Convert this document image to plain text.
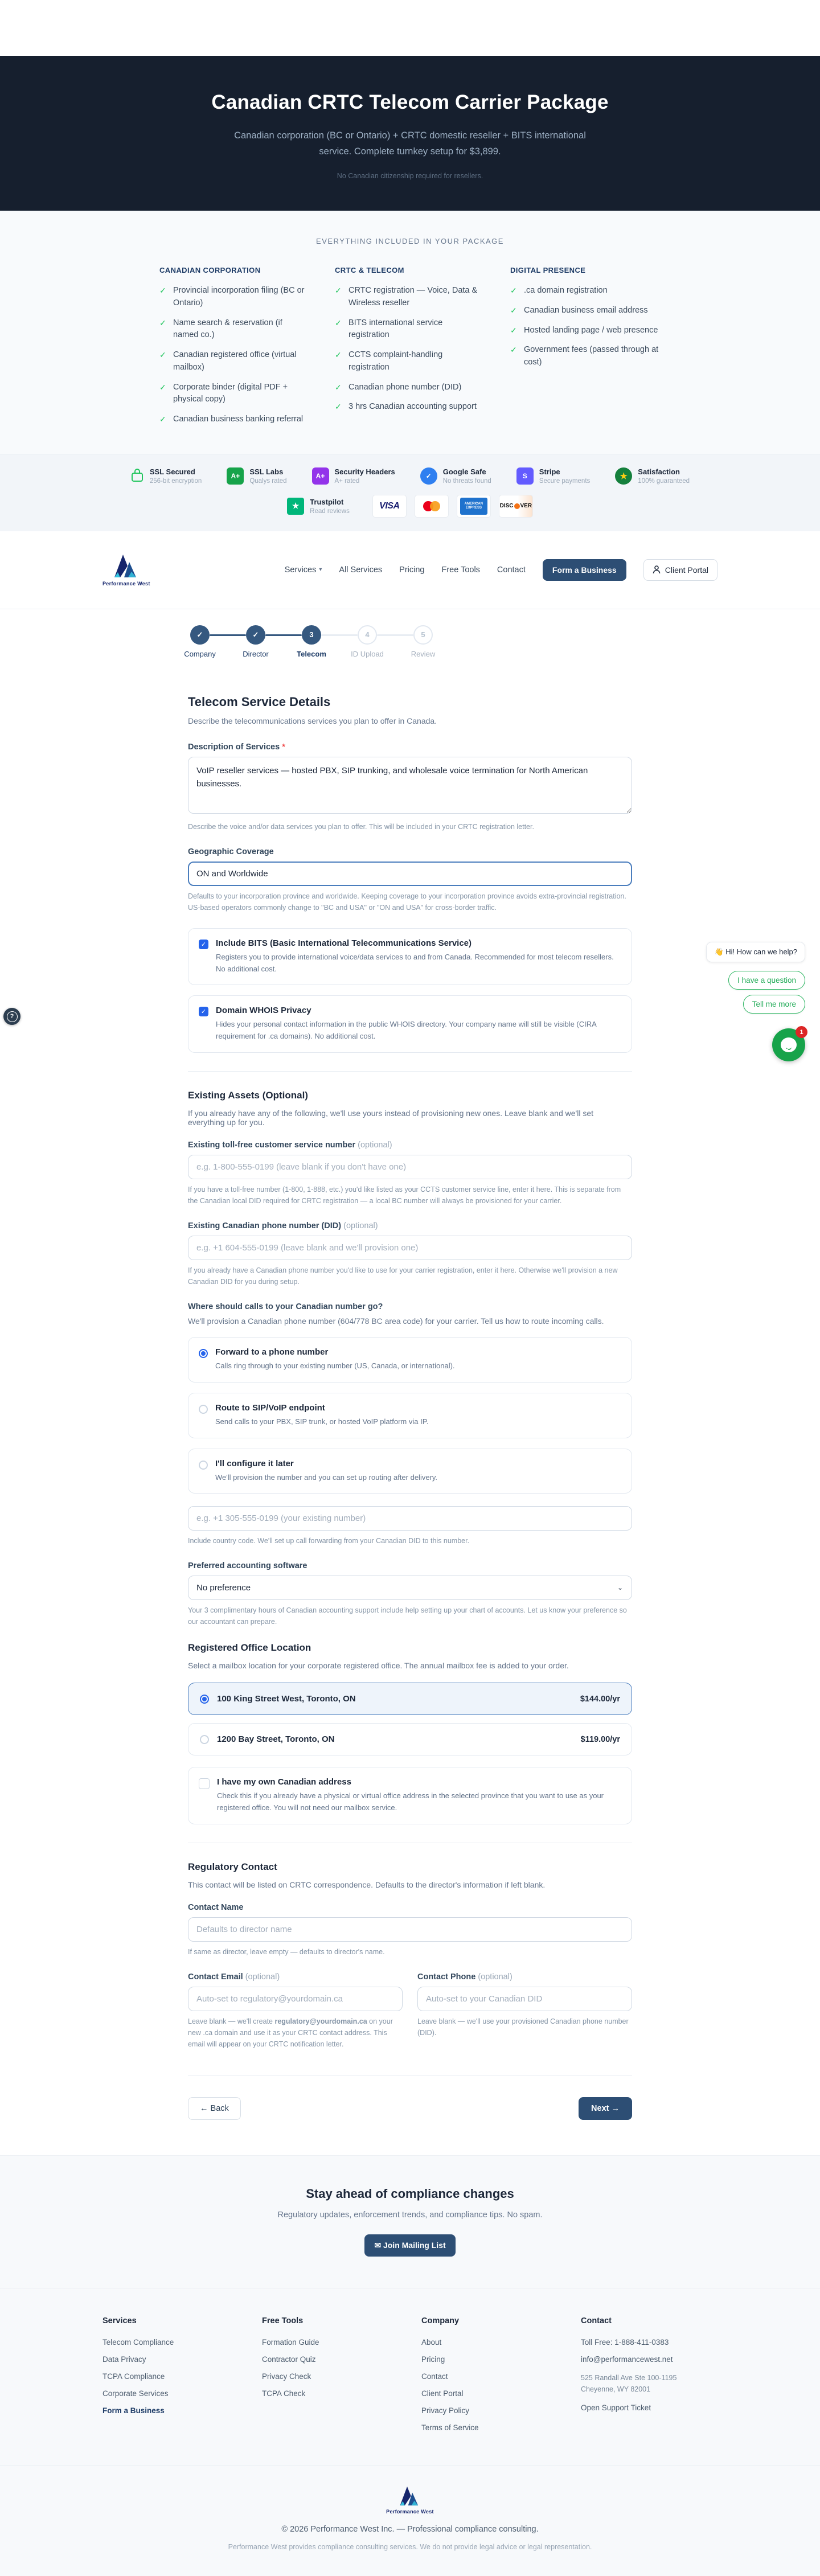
Canadian CRTC Telecom Carrier Package
Canadian corporation (BC or Ontario) + CRTC domestic reseller + BITS international service. Complete turnkey setup for $3,899.
No Canadian citizenship required for resellers.
EVERYTHING INCLUDED IN YOUR PACKAGE
CANADIAN CORPORATION
✓ Provincial incorporation filing (BC or Ontario)
✓ Name search & reservation (if named co.)
✓ Canadian registered office (virtual mailbox)
✓ Corporate binder (digital PDF + physical copy)
✓ Canadian business banking referral
CRTC & TELECOM
✓ CRTC registration — Voice, Data & Wireless reseller
✓ BITS international service registration
✓ CCTS complaint-handling registration
✓ Canadian phone number (DID)
✓ 3 hrs Canadian accounting support
DIGITAL PRESENCE
✓ .ca domain registration
✓ Canadian business email address
✓ Hosted landing page / web presence
✓ Government fees (passed through at cost)
SSL Secured
256-bit encryption
A+	SSL Labs
Qualys rated
A+	Security Headers
A+ rated
✓	Google Safe
No threats found
S	Stripe
Secure payments	★	Satisfaction
100% guaranteed
★	Trustpilot
Read reviews
VISA	AMERICAN EXPRESS	DISC VER
Performance West
Services ▾ All Services Pricing Free Tools Contact	Form a Business	Client Portal
✓
Company
✓
Director
3
Telecom
4
ID Upload
5
Review
Telecom Service Details
Describe the telecommunications services you plan to offer in Canada.
Description of Services *
VoIP reseller services — hosted PBX, SIP trunking, and wholesale voice termination for North American businesses.
Describe the voice and/or data services you plan to offer. This will be included in your CRTC registration letter.
Geographic Coverage
ON and Worldwide
Defaults to your incorporation province and worldwide. Keeping coverage to your incorporation province avoids extra-provincial registration. US-based operators commonly change to "BC and USA" or "ON and USA" for cross-border traffic.
✓ Include BITS (Basic International Telecommunications Service)
Registers you to provide international voice/data services to and from Canada. Recommended for most telecom resellers. No additional cost.
✓ Domain WHOIS Privacy
Hides your personal contact information in the public WHOIS directory. Your company name will still be visible (CIRA requirement for .ca domains). No additional cost.
Existing Assets (Optional)
If you already have any of the following, we'll use yours instead of provisioning new ones. Leave blank and we'll set everything up for you.
Existing toll-free customer service number (optional)
e.g. 1-800-555-0199 (leave blank if you don't have one)
If you have a toll-free number (1-800, 1-888, etc.) you'd like listed as your CCTS customer service line, enter it here. This is separate from the Canadian local DID required for CRTC registration — a local BC number will always be provisioned for your carrier.
Existing Canadian phone number (DID) (optional)
e.g. +1 604-555-0199 (leave blank and we'll provision one)
If you already have a Canadian phone number you'd like to use for your carrier registration, enter it here. Otherwise we'll provision a new Canadian DID for you during setup.
Where should calls to your Canadian number go?
We'll provision a Canadian phone number (604/778 BC area code) for your carrier. Tell us how to route incoming calls.
Forward to a phone number
Calls ring through to your existing number (US, Canada, or international).
Route to SIP/VoIP endpoint
Send calls to your PBX, SIP trunk, or hosted VoIP platform via IP.
I'll configure it later
We'll provision the number and you can set up routing after delivery.
e.g. +1 305-555-0199 (your existing number)
Include country code. We'll set up call forwarding from your Canadian DID to this number.
Preferred accounting software
No preference
⌄
Your 3 complimentary hours of Canadian accounting support include help setting up your chart of accounts. Let us know your preference so our accountant can prepare.
Registered Office Location
Select a mailbox location for your corporate registered office. The annual mailbox fee is added to your order.
100 King Street West, Toronto, ON	$144.00/yr
1200 Bay Street, Toronto, ON	$119.00/yr
I have my own Canadian address
Check this if you already have a physical or virtual office address in the selected province that you want to use as your registered office. You will not need our mailbox service.
Regulatory Contact
This contact will be listed on CRTC correspondence. Defaults to the director's information if left blank.
Contact Name
Defaults to director name
If same as director, leave empty — defaults to director's name.
Contact Email (optional)
Auto-set to regulatory@yourdomain.ca
Leave blank — we'll create regulatory@yourdomain.ca on your new .ca domain and use it as your CRTC contact address. This email will appear on your CRTC notification letter.
Contact Phone (optional)
Auto-set to your Canadian DID
Leave blank — we'll use your provisioned Canadian phone number (DID).
← Back	Next →
Stay ahead of compliance changes
Regulatory updates, enforcement trends, and compliance tips. No spam.
✉ Join Mailing List
Services
Telecom Compliance
Data Privacy
TCPA Compliance
Corporate Services
Form a Business
Free Tools
Formation Guide
Contractor Quiz
Privacy Check
TCPA Check
Company
About
Pricing
Contact
Client Portal
Privacy Policy
Terms of Service
Contact
Toll Free: 1-888-411-0383
info@performancewest.net
525 Randall Ave Ste 100-1195
Cheyenne, WY 82001
Open Support Ticket
Performance West
© 2026 Performance West Inc. — Professional compliance consulting.
Performance West provides compliance consulting services. We do not provide legal advice or legal representation.
?
👋 Hi! How can we help?
I have a question
Tell me more
1
